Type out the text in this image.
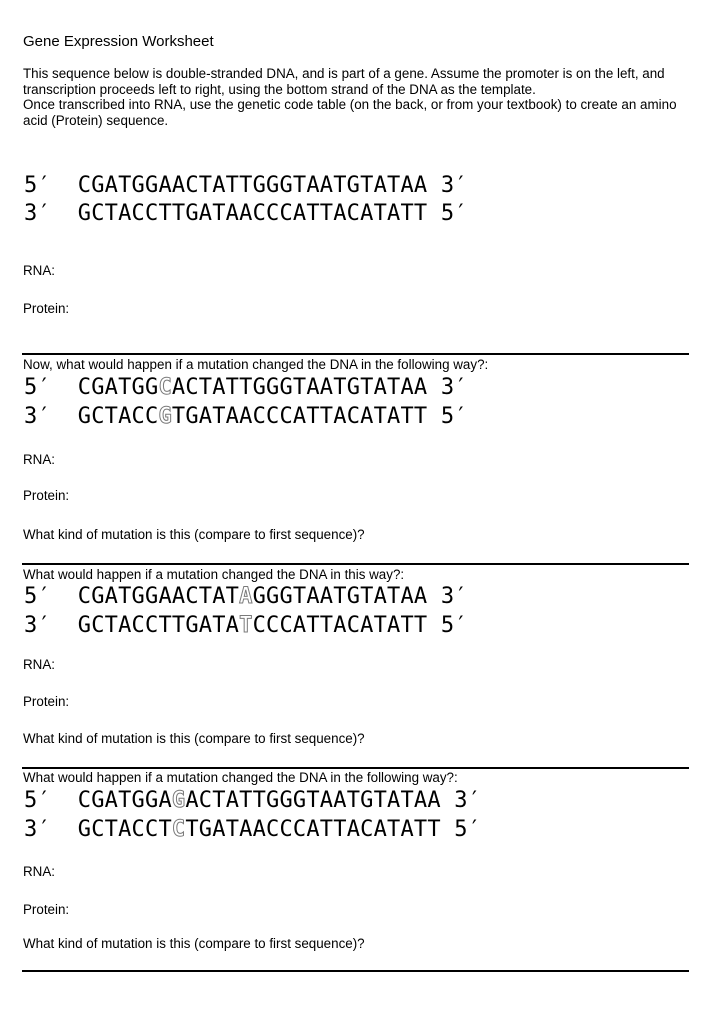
Gene Expression Worksheet

This sequence below is double-stranded DNA, and is part of a gene. Assume the promoter is on the left, and transcription proceeds left to right, using the bottom strand of the DNA as the template.

Once transcribed into RNA, use the genetic code table (on the back, or from your textbook) to create an amino acid (Protein) sequence.

5′ CGATGGAACTATTGGGTAATGTATAA 3′
3′ GCTACCTTGATAACCCATTACATATT 5′
RNA:
Protein:
Now, what would happen if a mutation changed the DNA in the following way?:
5′ CGATGGCACTATTGGGTAATGTATAA 3′
3′ GCTACCGTGATAACCCATTACATATT 5′
RNA:
Protein:
What kind of mutation is this (compare to first sequence)?
What would happen if a mutation changed the DNA in this way?:
5′ CGATGGAACTATAGGGTAATGTATAA 3′
3′ GCTACCTTGATATCCCATTACATATT 5′
RNA:
Protein:
What kind of mutation is this (compare to first sequence)?
What would happen if a mutation changed the DNA in the following way?:
5′ CGATGGAGACTATTGGGTAATGTATAA 3′
3′ GCTACCTCTGATAACCCATTACATATT 5′
RNA:
Protein:
What kind of mutation is this (compare to first sequence)?
